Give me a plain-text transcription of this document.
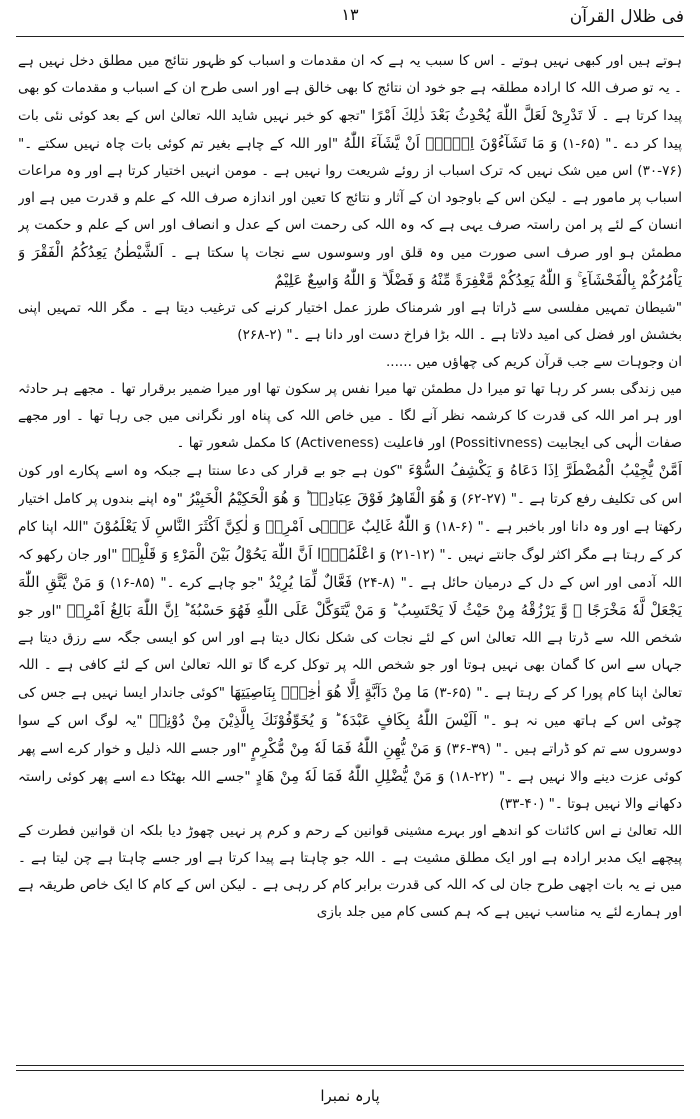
فی ظلال القرآن
۱۳

ہوتے ہیں اور کبھی نہیں ہوتے ۔ اس کا سبب یہ ہے کہ ان مقدمات و اسباب کو ظہور نتائج میں مطلق دخل نہیں ہے ۔ یہ تو صرف اللہ کا ارادہ مطلقہ ہے جو خود ان نتائج کا بھی خالق ہے اور اسی طرح ان کے اسباب و مقدمات کو بھی پیدا کرتا ہے ۔ لَا تَدْرِیْ لَعَلَّ اللّٰهَ یُحْدِثُ بَعْدَ ذٰلِكَ اَمْرًا "تجھ کو خبر نہیں شاید اللہ تعالیٰ اس کے بعد کوئی نئی بات پیدا کر دے ۔" (۶۵-۱) وَ مَا تَشَآءُوْنَ اِلَّاۤ اَنْ یَّشَآءَ اللّٰهُ "اور اللہ کے چاہے بغیر تم کوئی بات چاہ نہیں سکتے ۔" (۷۶-۳۰) اس میں شک نہیں کہ ترک اسباب از روئے شریعت روا نہیں ہے ۔ مومن انہیں اختیار کرتا ہے اور وہ مراعات اسباب پر مامور ہے ۔ لیکن اس کے باوجود ان کے آثار و نتائج کا تعین اور اندازہ صرف اللہ کے علم و قدرت میں ہے اور انسان کے لئے پر امن راستہ صرف یہی ہے کہ وہ اللہ کی رحمت اس کے عدل و انصاف اور اس کے علم و حکمت پر مطمئن ہو اور صرف اسی صورت میں وہ قلق اور وسوسوں سے نجات پا سکتا ہے ۔ اَلشَّیْطٰنُ یَعِدُكُمُ الْفَقْرَ وَ یَاْمُرُكُمْ بِالْفَحْشَآءِ ۚ وَ اللّٰهُ یَعِدُكُمْ مَّغْفِرَةً مِّنْهُ وَ فَضْلًا ۗ وَ اللّٰهُ وَاسِعٌ عَلِیْمٌ

"شیطان تمہیں مفلسی سے ڈراتا ہے اور شرمناک طرز عمل اختیار کرنے کی ترغیب دیتا ہے ۔ مگر اللہ تمہیں اپنی بخشش اور فضل کی امید دلاتا ہے ۔ اللہ بڑا فراخ دست اور دانا ہے ۔" (۲-۲۶۸)

ان وجوہات سے جب قرآن کریم کی چھاؤں میں ......

میں زندگی بسر کر رہا تھا تو میرا دل مطمئن تھا میرا نفس پر سکون تھا اور میرا ضمیر برقرار تھا ۔ مجھے ہر حادثہ اور ہر امر اللہ کی قدرت کا کرشمہ نظر آنے لگا ۔ میں خاص اللہ کی پناہ اور نگرانی میں جی رہا تھا ۔ اور مجھے صفات الٰہی کی ایجابیت (Possitivness) اور فاعلیت (Activeness) کا مکمل شعور تھا ۔

اَمَّنْ یُّجِیْبُ الْمُضْطَرَّ اِذَا دَعَاهُ وَ یَكْشِفُ السُّوْٓءَ "کون ہے جو بے قرار کی دعا سنتا ہے جبکہ وہ اسے پکارے اور کون اس کی تکلیف رفع کرتا ہے ۔" (۲۷-۶۲) وَ هُوَ الْقَاهِرُ فَوْقَ عِبَادِهٖ ؕ وَ هُوَ الْحَكِیْمُ الْخَبِیْرُ "وہ اپنے بندوں پر کامل اختیار رکھتا ہے اور وہ دانا اور باخبر ہے ۔" (۶-۱۸) وَ اللّٰهُ غَالِبٌ عَلٰۤى اَمْرِهٖ وَ لٰكِنَّ اَكْثَرَ النَّاسِ لَا یَعْلَمُوْنَ "اللہ اپنا کام کر کے رہتا ہے مگر اکثر لوگ جانتے نہیں ۔" (۱۲-۲۱) وَ اعْلَمُوْۤا اَنَّ اللّٰهَ یَحُوْلُ بَیْنَ الْمَرْءِ وَ قَلْبِهٖ "اور جان رکھو کہ اللہ آدمی اور اس کے دل کے درمیان حائل ہے ۔" (۸-۲۴) فَعَّالٌ لِّمَا یُرِیْدُ "جو چاہے کرے ۔" (۸۵-۱۶) وَ مَنْ یَّتَّقِ اللّٰهَ یَجْعَلْ لَّهٗ مَخْرَجًا ۙ وَّ یَرْزُقْهُ مِنْ حَیْثُ لَا یَحْتَسِبُ ؕ وَ مَنْ یَّتَوَكَّلْ عَلَى اللّٰهِ فَهُوَ حَسْبُهٗ ؕ اِنَّ اللّٰهَ بَالِغُ اَمْرِهٖ "اور جو شخص اللہ سے ڈرتا ہے اللہ تعالیٰ اس کے لئے نجات کی شکل نکال دیتا ہے اور اس کو ایسی جگہ سے رزق دیتا ہے جہاں سے اس کا گمان بھی نہیں ہوتا اور جو شخص اللہ پر توکل کرے گا تو اللہ تعالیٰ اس کے لئے کافی ہے ۔ اللہ تعالیٰ اپنا کام پورا کر کے رہتا ہے ۔" (۶۵-۳) مَا مِنْ دَآبَّةٍ اِلَّا هُوَ اٰخِذٌۢ بِنَاصِیَتِهَا "کوئی جاندار ایسا نہیں ہے جس کی چوٹی اس کے ہاتھ میں نہ ہو ۔" اَلَیْسَ اللّٰهُ بِكَافٍ عَبْدَهٗ ؕ وَ یُخَوِّفُوْنَكَ بِالَّذِیْنَ مِنْ دُوْنِهٖ "یہ لوگ اس کے سوا دوسروں سے تم کو ڈراتے ہیں ۔" (۳۹-۳۶) وَ مَنْ یُّهِنِ اللّٰهُ فَمَا لَهٗ مِنْ مُّكْرِمٍ "اور جسے اللہ ذلیل و خوار کرے اسے پھر کوئی عزت دینے والا نہیں ہے ۔" (۲۲-۱۸) وَ مَنْ یُّضْلِلِ اللّٰهُ فَمَا لَهٗ مِنْ هَادٍ "جسے اللہ بھٹکا دے اسے پھر کوئی راستہ دکھانے والا نہیں ہوتا ۔" (۴۰-۳۳)

اللہ تعالیٰ نے اس کائنات کو اندھے اور بہرے مشینی قوانین کے رحم و کرم پر نہیں چھوڑ دیا بلکہ ان قوانین فطرت کے پیچھے ایک مدبر ارادہ ہے اور ایک مطلق مشیت ہے ۔ اللہ جو چاہتا ہے پیدا کرتا ہے اور جسے چاہتا ہے چن لیتا ہے ۔ میں نے یہ بات اچھی طرح جان لی کہ اللہ کی قدرت برابر کام کر رہی ہے ۔ لیکن اس کے کام کا ایک خاص طریقہ ہے اور ہمارے لئے یہ مناسب نہیں ہے کہ ہم کسی کام میں جلد بازی

پارہ نمبرا
